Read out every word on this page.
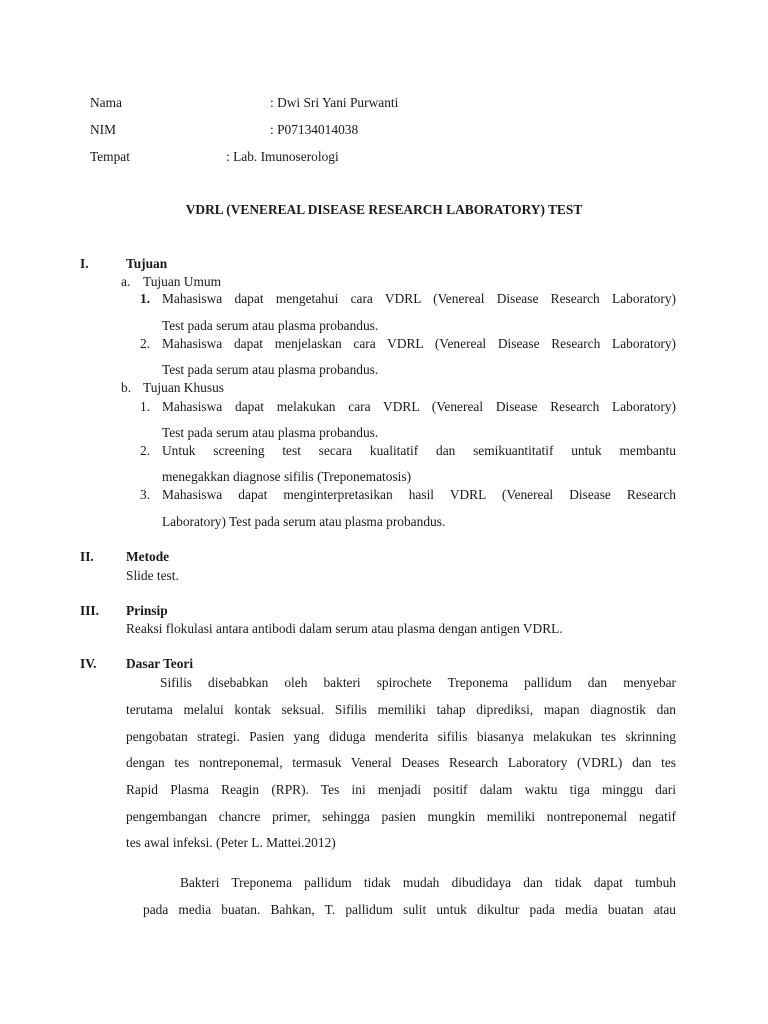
Nama	: Dwi Sri Yani Purwanti
NIM	: P07134014038
Tempat	: Lab. Imunoserologi
VDRL (VENEREAL DISEASE RESEARCH LABORATORY) TEST
I.	Tujuan
a. Tujuan Umum
1. Mahasiswa dapat mengetahui cara VDRL (Venereal Disease Research Laboratory)
Test pada serum atau plasma probandus.
2. Mahasiswa dapat menjelaskan cara VDRL (Venereal Disease Research Laboratory)
Test pada serum atau plasma probandus.
b. Tujuan Khusus
1. Mahasiswa dapat melakukan cara VDRL (Venereal Disease Research Laboratory)
Test pada serum atau plasma probandus.
2. Untuk screening test secara kualitatif dan semikuantitatif untuk membantu
menegakkan diagnose sifilis (Treponematosis)
3. Mahasiswa dapat menginterpretasikan hasil VDRL (Venereal Disease Research
Laboratory) Test pada serum atau plasma probandus.
II. Metode
Slide test.
III. Prinsip
Reaksi flokulasi antara antibodi dalam serum atau plasma dengan antigen VDRL.
IV. Dasar Teori
Sifilis disebabkan oleh bakteri spirochete Treponema pallidum dan menyebar
terutama melalui kontak seksual. Sifilis memiliki tahap diprediksi, mapan diagnostik dan
pengobatan strategi. Pasien yang diduga menderita sifilis biasanya melakukan tes skrinning
dengan tes nontreponemal, termasuk Veneral Deases Research Laboratory (VDRL) dan tes
Rapid Plasma Reagin (RPR). Tes ini menjadi positif dalam waktu tiga minggu dari
pengembangan chancre primer, sehingga pasien mungkin memiliki nontreponemal negatif
tes awal infeksi. (Peter L. Mattei.2012)
Bakteri Treponema pallidum tidak mudah dibudidaya dan tidak dapat tumbuh
pada media buatan. Bahkan, T. pallidum sulit untuk dikultur pada media buatan atau
